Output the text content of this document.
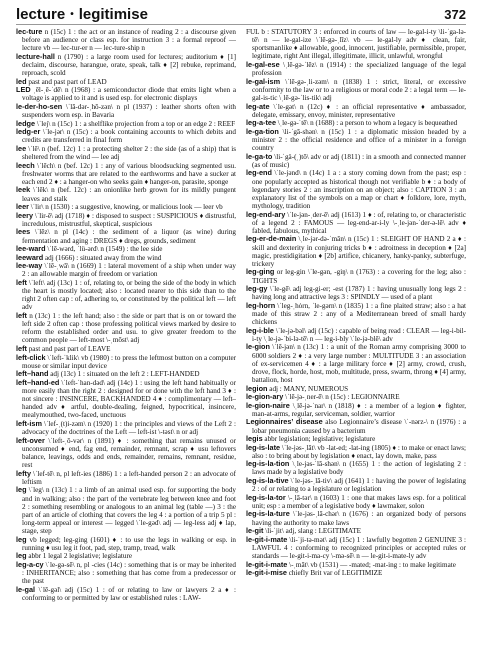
lecture • legitimise	372

lec-ture n (15c) 1 : the act or an instance of reading 2 : a discourse given before an audience or class esp. for instruction 3 : a formal reproof — lecture vb — lec-tur-er n — lec-ture-ship n

lecture-hall n (1790) : a large room used for lectures; auditorium ♦ [1] declaim, discourse, harangue, orate, speak, talk ♦ [2] rebuke, reprimand, reproach, scold

led past and past part of LEAD

LED ˌēl-ˌē-ˈdē\ n (1968) : a semiconductor diode that emits light when a voltage is applied to it and is used esp. for electronic displays

le-der-ho-sen \ˈlā-dər-ˌhō-zən\ n pl (1937) : leather shorts often with suspenders worn esp. in Bavaria

ledge \ˈlej\ n (15c) 1 : a shelflike projection from a top or an edge 2 : REEF

ledg-er \ˈle-jər\ n (15c) : a book containing accounts to which debits and credits are transferred in final form

lee \ˈlē\ n (bef. 12c) 1 : a protecting shelter 2 : the side (as of a ship) that is sheltered from the wind — lee adj

leech \ˈlēch\ n (bef. 12c) 1 : any of various bloodsucking segmented usu. freshwater worms that are related to the earthworms and have a sucker at each end 2 ♦ : a hanger-on who seeks gain ♦ hanger-on, parasite, sponge

leek \ˈlēk\ n (bef. 12c) : an onionlike herb grown for its mildly pungent leaves and stalk

leer \ˈlir\ n (1530) : a suggestive, knowing, or malicious look — leer vb

leery \ˈlir-ē\ adj (1718) ♦ : disposed to suspect : SUSPICIOUS ♦ distrustful, incredulous, mistrustful, skeptical, suspicious

lees \ˈlēz\ n pl (14c) : the sediment of a liquor (as wine) during fermentation and aging : DREGS ♦ dregs, grounds, sediment

lee-ward \ˈlē-wərd, ˈlü-ərd\ n (1549) : the lee side

leeward adj (1666) : situated away from the wind

lee-way \ˈlē-ˌwā\ n (1669) 1 : lateral movement of a ship when under way 2 : an allowable margin of freedom or variation

left \ˈleft\ adj (13c) 1 : of, relating to, or being the side of the body in which the heart is mostly located; also : located nearer to this side than to the right 2 often cap : of, adhering to, or constituted by the political left — left adv

left n (13c) 1 : the left hand; also : the side or part that is on or toward the left side 2 often cap : those professing political views marked by desire to reform the established order and usu. to give greater freedom to the common people — left-most \-ˌmōst\ adj

left past and past part of LEAVE

left-click \ˈleft-ˈklik\ vb (1980) : to press the leftmost button on a computer mouse or similar input device

left–hand adj (13c) 1 : situated on the left 2 : LEFT-HANDED

left–hand-ed \ˈleft-ˈhan-dəd\ adj (14c) 1 : using the left hand habitually or more easily than the right 2 : designed for or done with the left hand 3 ♦ : not sincere : INSINCERE, BACKHANDED 4 ♦ : complimentary — left–handed adv ♦ artful, double-dealing, feigned, hypocritical, insincere, mealymouthed, two-faced, unctuous

left-ism \ˈlef-ˌ(t)i-zəm\ n (1920) 1 : the principles and views of the Left 2 : advocacy of the doctrines of the Left — left-ist \-təst\ n or adj

left-over \ˈleft-ˌō-vər\ n (1891) ♦ : something that remains unused or unconsumed ♦ end, fag end, remainder, remnant, scrap ♦ usu leftovers balance, leavings, odds and ends, remainder, remains, remnant, residue, rest

lefty \ˈlef-tē\ n, pl left-ies (1886) 1 : a left-handed person 2 : an advocate of leftism

leg \ˈleg\ n (13c) 1 : a limb of an animal used esp. for supporting the body and in walking; also : the part of the vertebrate leg between knee and foot 2 : something resembling or analogous to an animal leg (table —) 3 : the part of an article of clothing that covers the leg 4 : a portion of a trip 5 pl : long-term appeal or interest — legged \ˈle-gəd\ adj — leg-less adj ♦ lap, stage, step

leg vb legged; leg-ging (1601) ♦ : to use the legs in walking or esp. in running ♦ usu leg it foot, pad, step, tramp, tread, walk

leg abbr 1 legal 2 legislative; legislature

leg-a-cy \ˈle-gə-sē\ n, pl -cies (14c) : something that is or may be inherited : INHERITANCE; also : something that has come from a predecessor or the past

le-gal \ˈlē-gəl\ adj (15c) 1 : of or relating to law or lawyers 2 a ♦ : conforming to or permitted by law or established rules : LAW-

FUL b : STATUTORY 3 : enforced in courts of law — le-gal-i-ty \li-ˈga-lə-tē\ n — le-gal-ize \ˈlē-gə-ˌlīz\ vb — le-gal-ly adv ♦ clean, fair, sportsmanlike ♦ allowable, good, innocent, justifiable, permissible, proper, legitimate, right Ant illegal, illegitimate, illicit, unlawful, wrongful

le-gal-ese \ˌlē-gə-ˈlēz\ n (1914) : the specialized language of the legal profession

le-gal-ism \ˈlē-gə-ˌli-zəm\ n (1838) 1 : strict, literal, or excessive conformity to the law or to a religious or moral code 2 : a legal term — le-gal-is-tic \ˌlē-gə-ˈlis-tik\ adj

leg-ate \ˈle-gət\ n (12c) ♦ : an official representative ♦ ambassador, delegate, emissary, envoy, minister, representative

leg-a-tee \ˌle-gə-ˈtē\ n (1688) : a person to whom a legacy is bequeathed

le-ga-tion \li-ˈgā-shən\ n (15c) 1 : a diplomatic mission headed by a minister 2 : the official residence and office of a minister in a foreign country

le-ga-to \li-ˈgä-(ˌ)tō\ adv or adj (1811) : in a smooth and connected manner (as of music)

leg-end \ˈle-jənd\ n (14c) 1 a : a story coming down from the past; esp : one popularly accepted as historical though not verifiable b ♦ : a body of legendary stories 2 : an inscription on an object; also : CAPTION 3 : an explanatory list of the symbols on a map or chart ♦ folklore, lore, myth, mythology, tradition

leg-end-ary \ˈle-jən-ˌder-ē\ adj (1613) 1 ♦ : of, relating to, or characteristic of a legend 2 : FAMOUS — leg-end-ar-i-ly \-ˌle-jən-ˈder-ə-lē\ adv ♦ fabled, fabulous, mythical

leg-er-de-main \ˌle-jər-də-ˈmān\ n (15c) 1 : SLEIGHT OF HAND 2 a ♦ : skill and dexterity in conjuring tricks b ♦ : adroitness in deception ♦ [2a] magic, prestidigitation ♦ [2b] artifice, chicanery, hanky-panky, subterfuge, trickery

leg-ging or leg-gin \ˈle-gən, -giŋ\ n (1763) : a covering for the leg; also : TIGHTS

leg-gy \ˈle-gē\ adj leg-gi-er; -est (1787) 1 : having unusually long legs 2 : having long and attractive legs 3 : SPINDLY — used of a plant

leg-horn \ˈleg-ˌhȯrn, ˈle-gərn\ n (1835) 1 : a fine plaited straw; also : a hat made of this straw 2 : any of a Mediterranean breed of small hardy chickens

leg-i-ble \ˈle-jə-bəl\ adj (15c) : capable of being read : CLEAR — leg-i-bil-i-ty \ˌle-jə-ˈbi-lə-tē\ n — leg-i-bly \ˈle-jə-blē\ adv

le-gion \ˈlē-jən\ n (13c) 1 : a unit of the Roman army comprising 3000 to 6000 soldiers 2 ♦ : a very large number : MULTITUDE 3 : an association of ex-servicemen 4 ♦ : a large military force ♦ [2] army, crowd, crush, drove, flock, horde, host, mob, multitude, press, swarm, throng ♦ [4] army, battalion, host

legion adj : MANY, NUMEROUS

le-gion-ary \ˈlē-jə-ˌner-ē\ n (15c) : LEGIONNAIRE

le-gion-naire \ˌlē-jə-ˈnar\ n (1818) ♦ : a member of a legion ♦ fighter, man-at-arms, regular, serviceman, soldier, warrior

Legionnaires’ disease also Legionnaire’s disease \ˈ-nərz-\ n (1976) : a lobar pneumonia caused by a bacterium

legis abbr legislation; legislative; legislature

leg-is-late \ˈle-jəs-ˌlāt\ vb -lat-ed; -lat-ing (1805) ♦ : to make or enact laws; also : to bring about by legislation ♦ enact, lay down, make, pass

leg-is-la-tion \ˌle-jəs-ˈlā-shən\ n (1655) 1 : the action of legislating 2 : laws made by a legislative body

leg-is-la-tive \ˈle-jəs-ˌlā-tiv\ adj (1641) 1 : having the power of legislating 2 : of or relating to a legislature or legislation

leg-is-la-tor \-ˌlā-tər\ n (1603) 1 : one that makes laws esp. for a political unit; esp : a member of a legislative body ♦ lawmaker, solon

leg-is-la-ture \ˈle-jəs-ˌlā-chər\ n (1676) : an organized body of persons having the authority to make laws

le-git \li-ˈjit\ adj, slang : LEGITIMATE

le-git-i-mate \li-ˈji-tə-mət\ adj (15c) 1 : lawfully begotten 2 GENUINE 3 : LAWFUL 4 : conforming to recognized principles or accepted rules or standards — le-git-i-ma-cy \-mə-sē\ n — le-git-i-mate-ly adv

le-git-i-mate \-ˌmāt\ vb (1531) — -mated; -mat-ing : to make legitimate

le-git-i-mise chiefly Brit var of LEGITIMIZE
